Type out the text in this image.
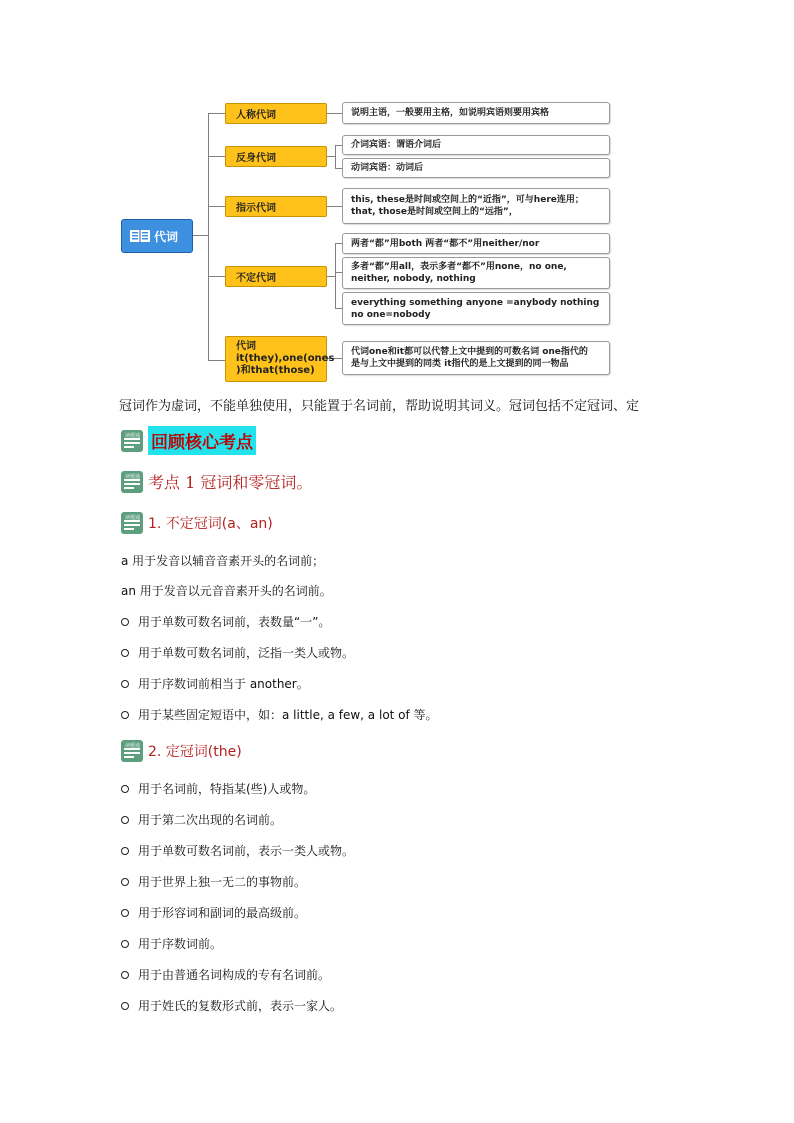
代词
人称代词
反身代词
指示代词
不定代词
代词
it(they),one(ones
)和that(those)
说明主语，一般要用主格，如说明宾语则要用宾格
介词宾语：谓语介词后
动词宾语：动词后
this, these是时间或空间上的“近指”，可与here连用；
that, those是时间或空间上的“远指”，
两者“都”用both 两者“都不”用neither/nor
多者“都”用all，表示多者“都不”用none，no one,
neither, nobody, nothing
everything something anyone =anybody nothing
no one=nobody
代词one和it都可以代替上文中提到的可数名词 one指代的
是与上文中提到的同类 it指代的是上文提到的同一物品
冠词作为虚词，不能单独使用，只能置于名词前，帮助说明其词义。冠词包括不定冠词、定
读题通 回顾核心考点
读题通 考点 1 冠词和零冠词。
读题通 1. 不定冠词(a、an)
a 用于发音以辅音音素开头的名词前；
an 用于发音以元音音素开头的名词前。
用于单数可数名词前，表数量“一”。
用于单数可数名词前，泛指一类人或物。
用于序数词前相当于 another。
用于某些固定短语中，如：a little, a few, a lot of 等。
读题通 2. 定冠词(the)
用于名词前，特指某(些)人或物。
用于第二次出现的名词前。
用于单数可数名词前，表示一类人或物。
用于世界上独一无二的事物前。
用于形容词和副词的最高级前。
用于序数词前。
用于由普通名词构成的专有名词前。
用于姓氏的复数形式前，表示一家人。
